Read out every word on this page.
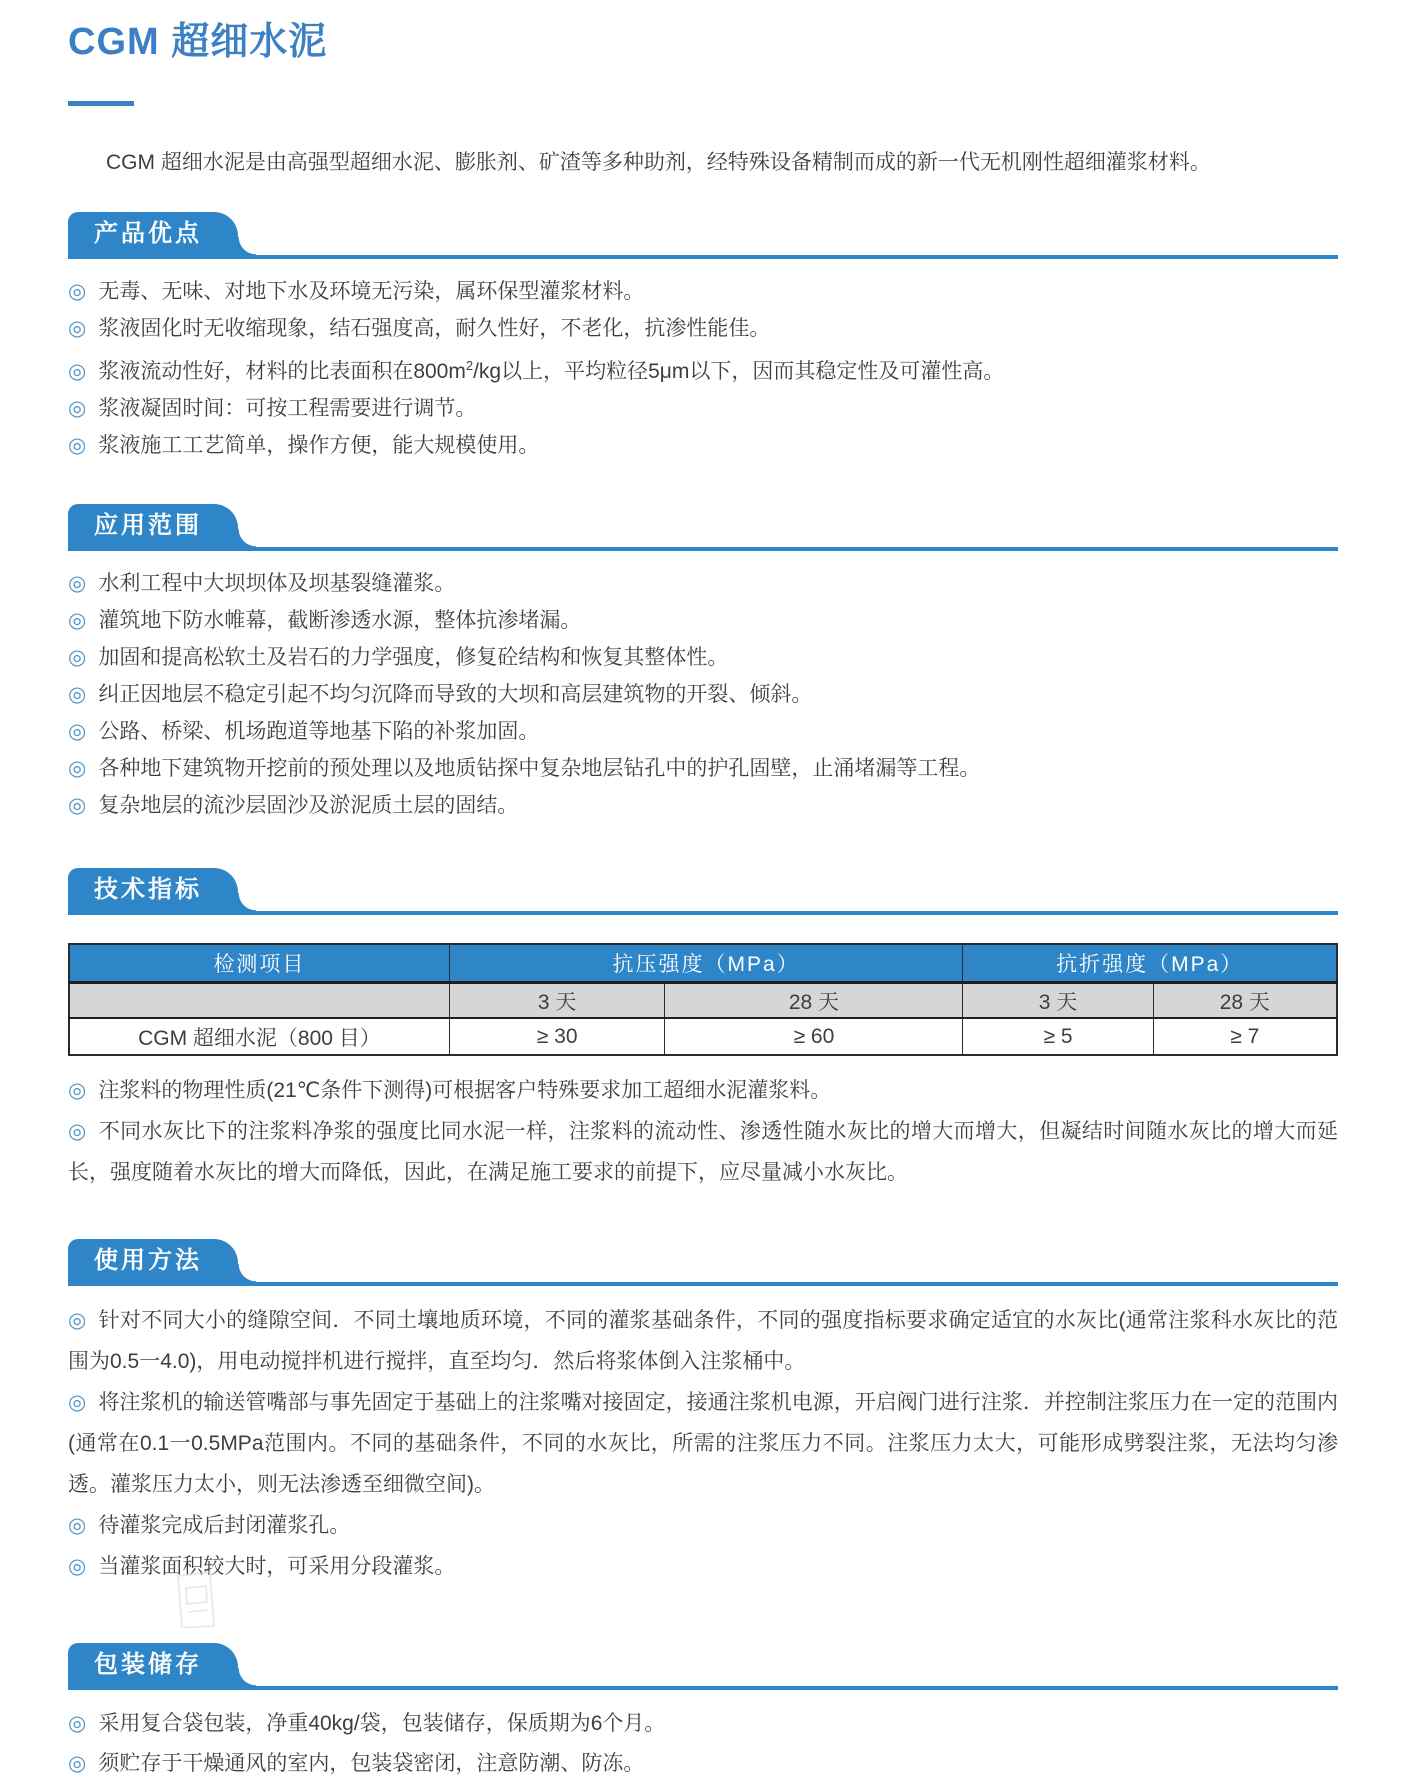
CGM 超细水泥

CGM 超细水泥是由高强型超细水泥、膨胀剂、矿渣等多种助剂，经特殊设备精制而成的新一代无机刚性超细灌浆材料。

产品优点
◎ 无毒、无味、对地下水及环境无污染，属环保型灌浆材料。
◎ 浆液固化时无收缩现象，结石强度高，耐久性好，不老化，抗渗性能佳。
◎ 浆液流动性好，材料的比表面积在$800m^2/kg$以上，平均粒径5μm以下，因而其稳定性及可灌性高。
◎ 浆液凝固时间：可按工程需要进行调节。
◎ 浆液施工工艺简单，操作方便，能大规模使用。
应用范围
◎ 水利工程中大坝坝体及坝基裂缝灌浆。
◎ 灌筑地下防水帷幕，截断渗透水源，整体抗渗堵漏。
◎ 加固和提高松软土及岩石的力学强度，修复砼结构和恢复其整体性。
◎ 纠正因地层不稳定引起不均匀沉降而导致的大坝和高层建筑物的开裂、倾斜。
◎ 公路、桥梁、机场跑道等地基下陷的补浆加固。
◎ 各种地下建筑物开挖前的预处理以及地质钻探中复杂地层钻孔中的护孔固壁，止涌堵漏等工程。
◎ 复杂地层的流沙层固沙及淤泥质土层的固结。
技术指标
检测项目	抗压强度（MPa）		抗折强度（MPa）	
	3 天	28 天	3 天	28 天
CGM 超细水泥（800 目）	≥ 30	≥ 60	≥ 5	≥ 7
◎ 注浆料的物理性质(21℃条件下测得)可根据客户特殊要求加工超细水泥灌浆料。
◎ 不同水灰比下的注浆料净浆的强度比同水泥一样，注浆料的流动性、渗透性随水灰比的增大而增大，但凝结时间随水灰比的增大而延长，强度随着水灰比的增大而降低，因此，在满足施工要求的前提下，应尽量减小水灰比。
使用方法
◎ 针对不同大小的缝隙空间．不同土壤地质环境，不同的灌浆基础条件，不同的强度指标要求确定适宜的水灰比(通常注浆科水灰比的范围为0.5一4.0)，用电动搅拌机进行搅拌，直至均匀．然后将浆体倒入注浆桶中。
◎ 将注浆机的输送管嘴部与事先固定于基础上的注浆嘴对接固定，接通注浆机电源，开启阀门进行注浆．并控制注浆压力在一定的范围内(通常在0.1一0.5MPa范围内。不同的基础条件，不同的水灰比，所需的注浆压力不同。注浆压力太大，可能形成劈裂注浆，无法均匀渗透。灌浆压力太小，则无法渗透至细微空间)。
◎ 待灌浆完成后封闭灌浆孔。
◎ 当灌浆面积较大时，可采用分段灌浆。
包装储存
◎ 采用复合袋包装，净重40kg/袋，包装储存，保质期为6个月。
◎ 须贮存于干燥通风的室内，包装袋密闭，注意防潮、防冻。
